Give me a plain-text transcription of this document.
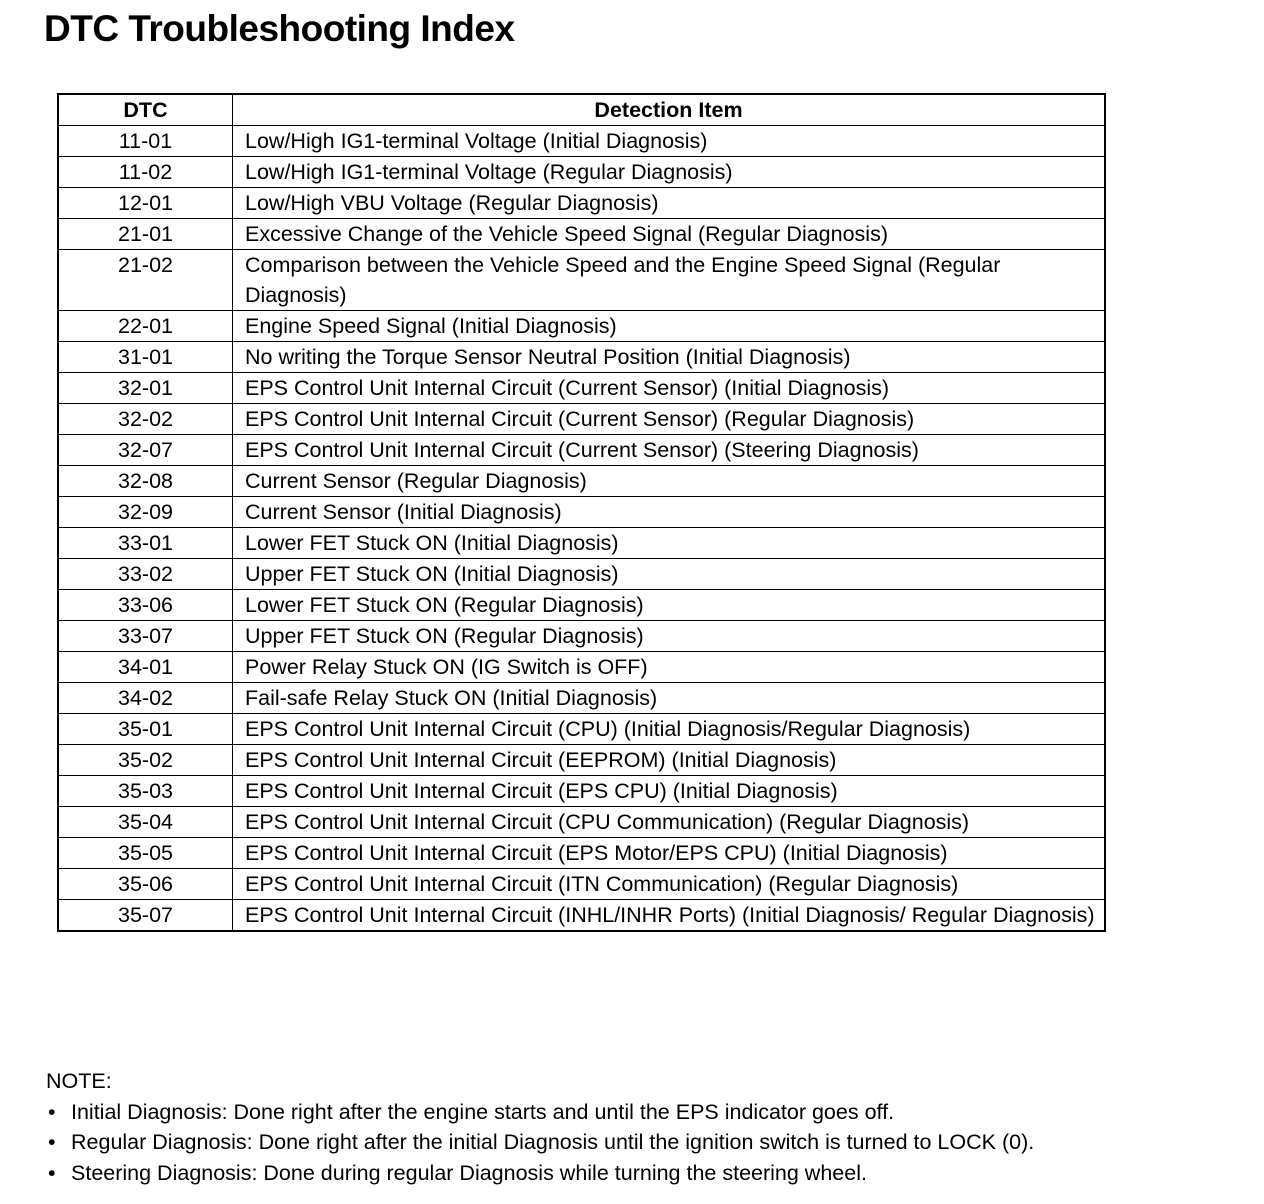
DTC Troubleshooting Index
DTC	Detection Item
11-01	Low/High IG1-terminal Voltage (Initial Diagnosis)
11-02	Low/High IG1-terminal Voltage (Regular Diagnosis)
12-01	Low/High VBU Voltage (Regular Diagnosis)
21-01	Excessive Change of the Vehicle Speed Signal (Regular Diagnosis)
21-02	Comparison between the Vehicle Speed and the Engine Speed Signal (Regular Diagnosis)
22-01	Engine Speed Signal (Initial Diagnosis)
31-01	No writing the Torque Sensor Neutral Position (Initial Diagnosis)
32-01	EPS Control Unit Internal Circuit (Current Sensor) (Initial Diagnosis)
32-02	EPS Control Unit Internal Circuit (Current Sensor) (Regular Diagnosis)
32-07	EPS Control Unit Internal Circuit (Current Sensor) (Steering Diagnosis)
32-08	Current Sensor (Regular Diagnosis)
32-09	Current Sensor (Initial Diagnosis)
33-01	Lower FET Stuck ON (Initial Diagnosis)
33-02	Upper FET Stuck ON (Initial Diagnosis)
33-06	Lower FET Stuck ON (Regular Diagnosis)
33-07	Upper FET Stuck ON (Regular Diagnosis)
34-01	Power Relay Stuck ON (IG Switch is OFF)
34-02	Fail-safe Relay Stuck ON (Initial Diagnosis)
35-01	EPS Control Unit Internal Circuit (CPU) (Initial Diagnosis/Regular Diagnosis)
35-02	EPS Control Unit Internal Circuit (EEPROM) (Initial Diagnosis)
35-03	EPS Control Unit Internal Circuit (EPS CPU) (Initial Diagnosis)
35-04	EPS Control Unit Internal Circuit (CPU Communication) (Regular Diagnosis)
35-05	EPS Control Unit Internal Circuit (EPS Motor/EPS CPU) (Initial Diagnosis)
35-06	EPS Control Unit Internal Circuit (ITN Communication) (Regular Diagnosis)
35-07	EPS Control Unit Internal Circuit (INHL/INHR Ports) (Initial Diagnosis/ Regular Diagnosis)
NOTE:
• Initial Diagnosis: Done right after the engine starts and until the EPS indicator goes off.
• Regular Diagnosis: Done right after the initial Diagnosis until the ignition switch is turned to LOCK (0).
• Steering Diagnosis: Done during regular Diagnosis while turning the steering wheel.
